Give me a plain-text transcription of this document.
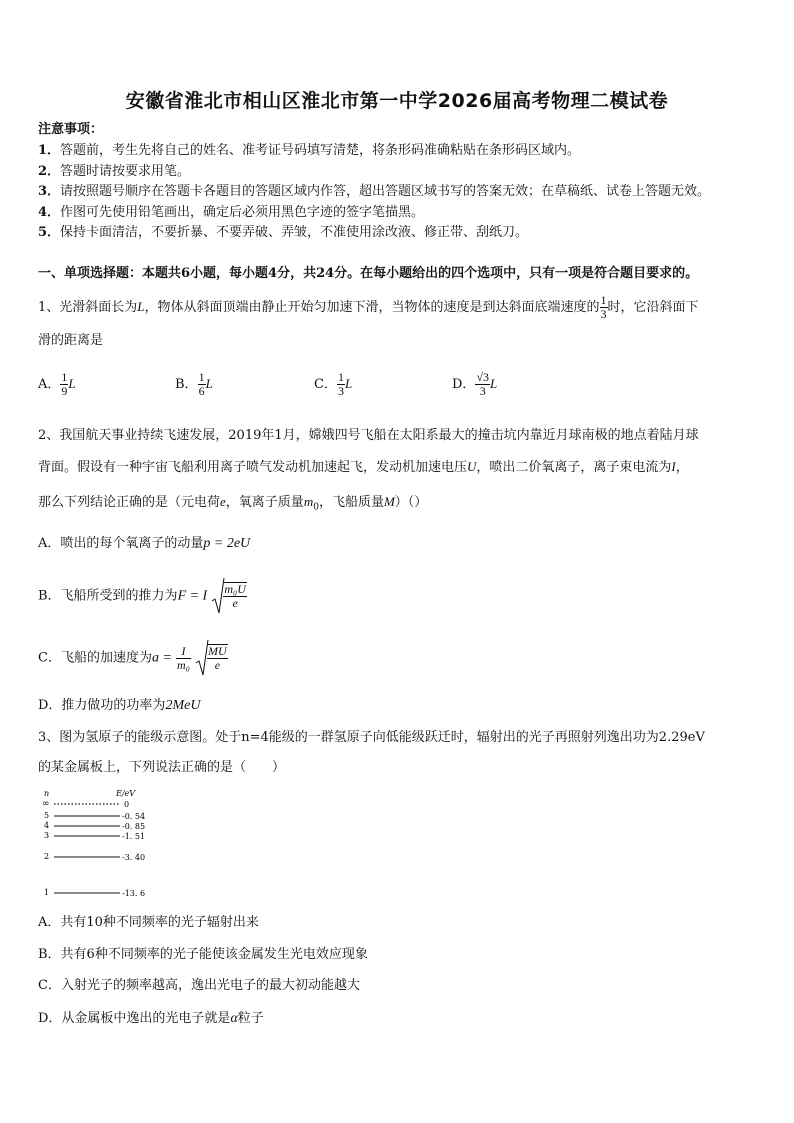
安徽省淮北市相山区淮北市第一中学2026届高考物理二模试卷
注意事项：
1．答题前，考生先将自己的姓名、准考证号码填写清楚，将条形码准确粘贴在条形码区域内。
2．答题时请按要求用笔。
3．请按照题号顺序在答题卡各题目的答题区域内作答，超出答题区域书写的答案无效；在草稿纸、试卷上答题无效。
4．作图可先使用铅笔画出，确定后必须用黑色字迹的签字笔描黑。
5．保持卡面清洁，不要折暴、不要弄破、弄皱，不准使用涂改液、修正带、刮纸刀。
一、单项选择题：本题共6小题，每小题4分，共24分。在每小题给出的四个选项中，只有一项是符合题目要求的。
1、光滑斜面长为L，物体从斜面顶端由静止开始匀加速下滑，当物体的速度是到达斜面底端速度的 $\frac{1}{3}$ 时，它沿斜面下
滑的距离是
A． $\frac{1}{9}$ L	B． $\frac{1}{6}$ L	C． $\frac{1}{3}$ L	D． $\frac{√3}{3}$ L
2、我国航天事业持续飞速发展，2019年1月，嫦娥四号飞船在太阳系最大的撞击坑内靠近月球南极的地点着陆月球
背面。假设有一种宇宙飞船利用离子喷气发动机加速起飞，发动机加速电压U，喷出二价氧离子，离子束电流为I，
那么下列结论正确的是（元电荷e，氧离子质量$m_0$，飞船质量M）（）
A．喷出的每个氧离子的动量p = 2eU
B．飞船所受到的推力为F = I $\frac{\text{m₀U}}{e}$
C．飞船的加速度为$a = \frac{I}{\text{m₀}}$
$\frac{MU}{e}$
D．推力做功的功率为2MeU
3、图为氢原子的能级示意图。处于n=4能级的一群氢原子向低能级跃迁时，辐射出的光子再照射列逸出功为2.29eV
的某金属板上，下列说法正确的是（　　）
n	E/eV
∞	0
5	-0. 54
4	-0. 85
3	-1. 51
2	-3. 40
1	-13. 6
A．共有10种不同频率的光子辐射出来
B．共有6种不同频率的光子能使该金属发生光电效应现象
C．入射光子的频率越高，逸出光电子的最大初动能越大
D．从金属板中逸出的光电子就是α粒子
